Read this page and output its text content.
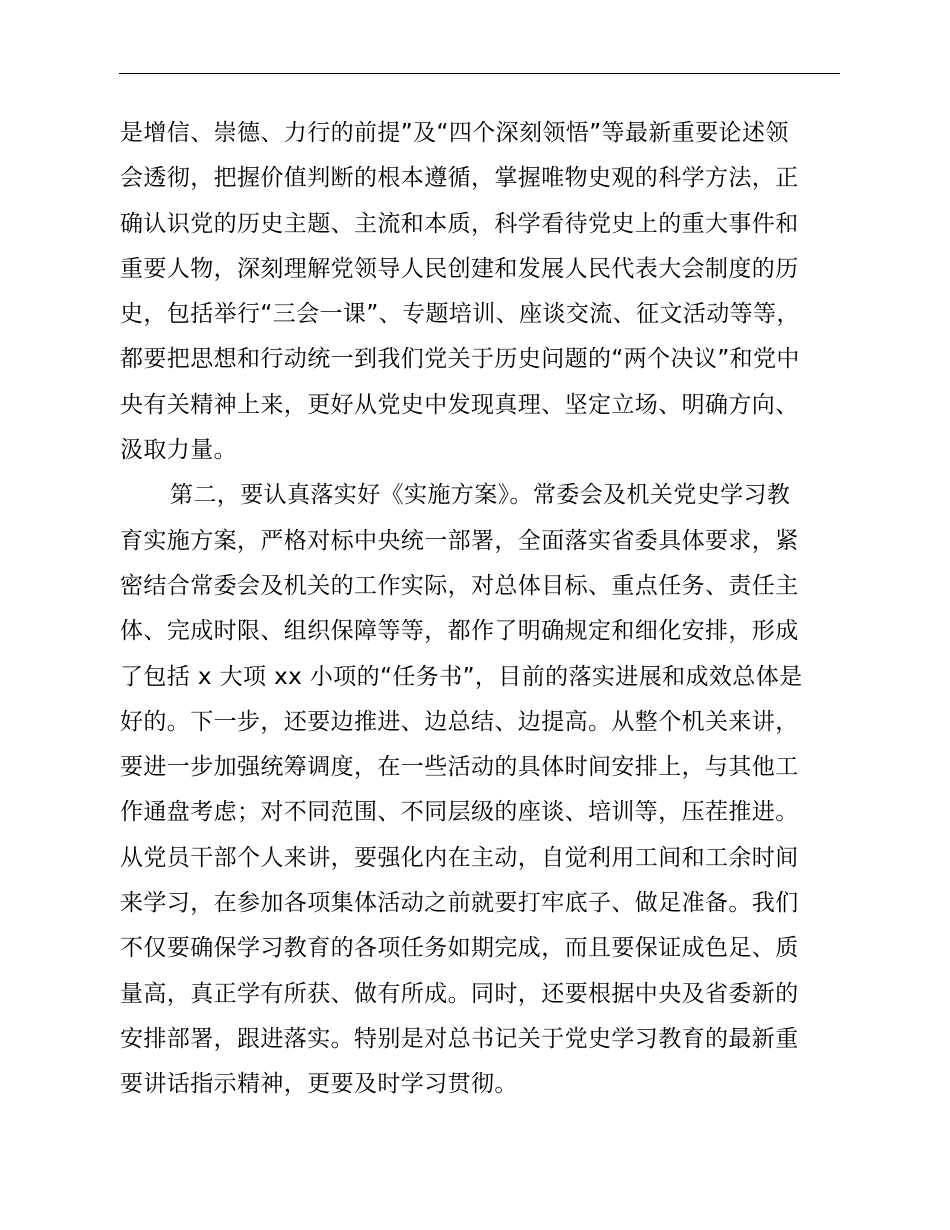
是增信、崇德、力行的前提”及“四个深刻领悟”等最新重要论述领
会透彻，把握价值判断的根本遵循，掌握唯物史观的科学方法，正
确认识党的历史主题、主流和本质，科学看待党史上的重大事件和
重要人物，深刻理解党领导人民创建和发展人民代表大会制度的历
史，包括举行“三会一课”、专题培训、座谈交流、征文活动等等，
都要把思想和行动统一到我们党关于历史问题的“两个决议”和党中
央有关精神上来，更好从党史中发现真理、坚定立场、明确方向、
汲取力量。
第二，要认真落实好《实施方案》。常委会及机关党史学习教
育实施方案，严格对标中央统一部署，全面落实省委具体要求，紧
密结合常委会及机关的工作实际，对总体目标、重点任务、责任主
体、完成时限、组织保障等等，都作了明确规定和细化安排，形成
了包括 x 大项 xx 小项的“任务书”，目前的落实进展和成效总体是
好的。下一步，还要边推进、边总结、边提高。从整个机关来讲，
要进一步加强统筹调度，在一些活动的具体时间安排上，与其他工
作通盘考虑；对不同范围、不同层级的座谈、培训等，压茬推进。
从党员干部个人来讲，要强化内在主动，自觉利用工间和工余时间
来学习，在参加各项集体活动之前就要打牢底子、做足准备。我们
不仅要确保学习教育的各项任务如期完成，而且要保证成色足、质
量高，真正学有所获、做有所成。同时，还要根据中央及省委新的
安排部署，跟进落实。特别是对总书记关于党史学习教育的最新重
要讲话指示精神，更要及时学习贯彻。
